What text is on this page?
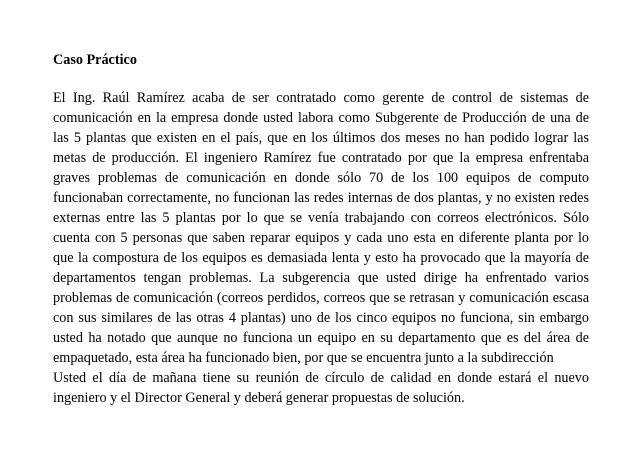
Caso Práctico

El Ing. Raúl Ramírez acaba de ser contratado como gerente de control de sistemas de comunicación en la empresa donde usted labora como Subgerente de Producción de una de las 5 plantas que existen en el país, que en los últimos dos meses no han podido lograr las metas de producción. El ingeniero Ramírez fue contratado por que la empresa enfrentaba graves problemas de comunicación en donde sólo 70 de los 100 equipos de computo funcionaban correctamente, no funcionan las redes internas de dos plantas, y no existen redes externas entre las 5 plantas por lo que se venía trabajando con correos electrónicos. Sólo cuenta con 5 personas que saben reparar equipos y cada uno esta en diferente planta por lo que la compostura de los equipos es demasiada lenta y esto ha provocado que la mayoría de departamentos tengan problemas. La subgerencia que usted dirige ha enfrentado varios problemas de comunicación (correos perdidos, correos que se retrasan y comunicación escasa con sus similares de las otras 4 plantas) uno de los cinco equipos no funciona, sin embargo usted ha notado que aunque no funciona un equipo en su departamento que es del área de empaquetado, esta área ha funcionado bien, por que se encuentra junto a la subdirección

Usted el día de mañana tiene su reunión de círculo de calidad en donde estará el nuevo ingeniero y el Director General y deberá generar propuestas de solución.
